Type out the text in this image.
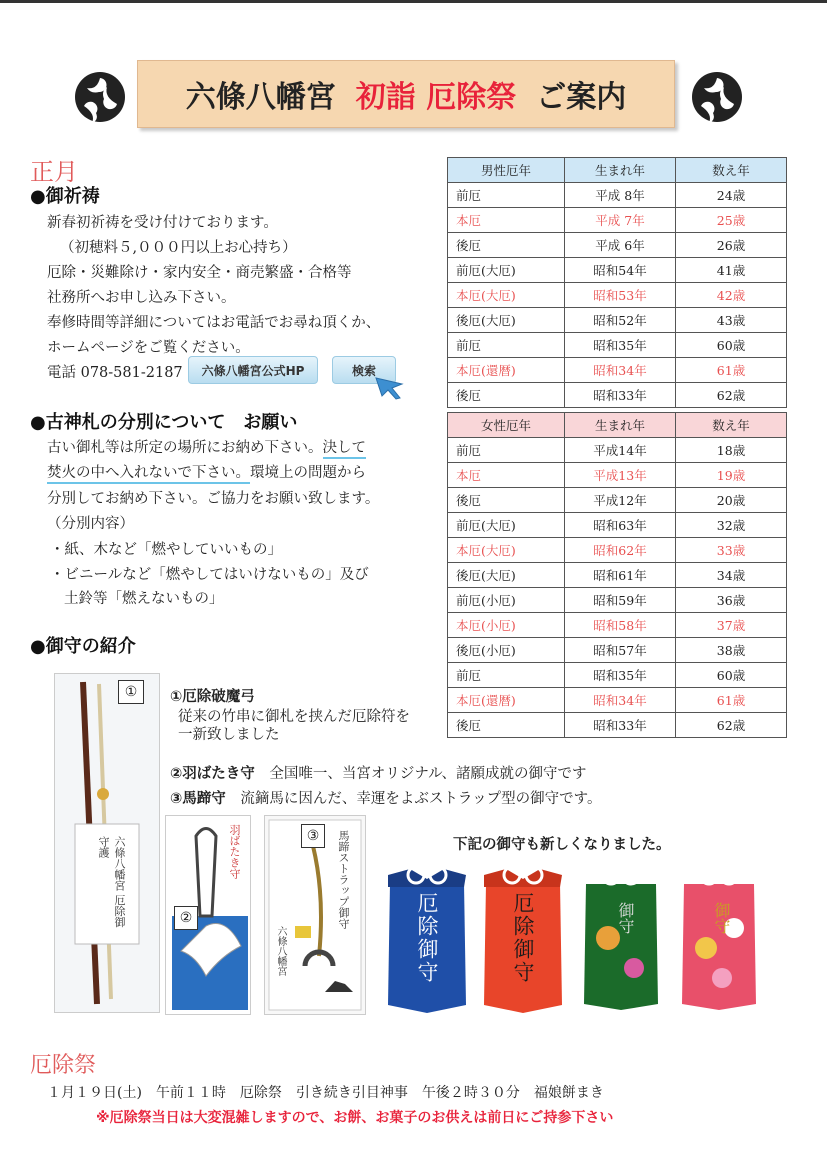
六條八幡宮 初詣 厄除祭 ご案内
正月
●御祈祷
新春初祈祷を受け付けております。
（初穂料５,０００円以上お心持ち）
厄除・災難除け・家内安全・商売繁盛・合格等
社務所へお申し込み下さい。
奉修時間等詳細についてはお電話でお尋ね頂くか、
ホームページをご覧ください。
電話 078-581-2187	六條八幡宮公式HP	検索
●古神札の分別について　お願い
古い御札等は所定の場所にお納め下さい。決して
焚火の中へ入れないで下さい。環境上の問題から
分別してお納め下さい。ご協力をお願い致します。
（分別内容）
・紙、木など「燃やしていいもの」
・ビニールなど「燃やしてはいけないもの」及び
土鈴等「燃えないもの」
男性厄年	生まれ年	数え年
前厄	平成 8年	24歳
本厄	平成 7年	25歳
後厄	平成 6年	26歳
前厄(大厄)	昭和54年	41歳
本厄(大厄)	昭和53年	42歳
後厄(大厄)	昭和52年	43歳
前厄	昭和35年	60歳
本厄(還暦)	昭和34年	61歳
後厄	昭和33年	62歳
女性厄年	生まれ年	数え年
前厄	平成14年	18歳
本厄	平成13年	19歳
後厄	平成12年	20歳
前厄(大厄)	昭和63年	32歳
本厄(大厄)	昭和62年	33歳
後厄(大厄)	昭和61年	34歳
前厄(小厄)	昭和59年	36歳
本厄(小厄)	昭和58年	37歳
後厄(小厄)	昭和57年	38歳
前厄	昭和35年	60歳
本厄(還暦)	昭和34年	61歳
後厄	昭和33年	62歳
●御守の紹介
六條八幡宮 厄除御守護
①	①厄除破魔弓
従来の竹串に御札を挟んだ厄除符を
一新致しました
②羽ばたき守 全国唯一、当宮オリジナル、諸願成就の御守です
③馬蹄守 流鏑馬に因んだ、幸運をよぶストラップ型の御守です。
羽ばたき守
②	馬蹄ストラップ御守
六條八幡宮
③
下記の御守も新しくなりました。
厄除御守	厄除御守	御守	御守
厄除祭
１月１９日(土)　午前１１時　厄除祭　引き続き引目神事　午後２時３０分　福娘餅まき
※厄除祭当日は大変混雑しますので、お餅、お菓子のお供えは前日にご持参下さい
